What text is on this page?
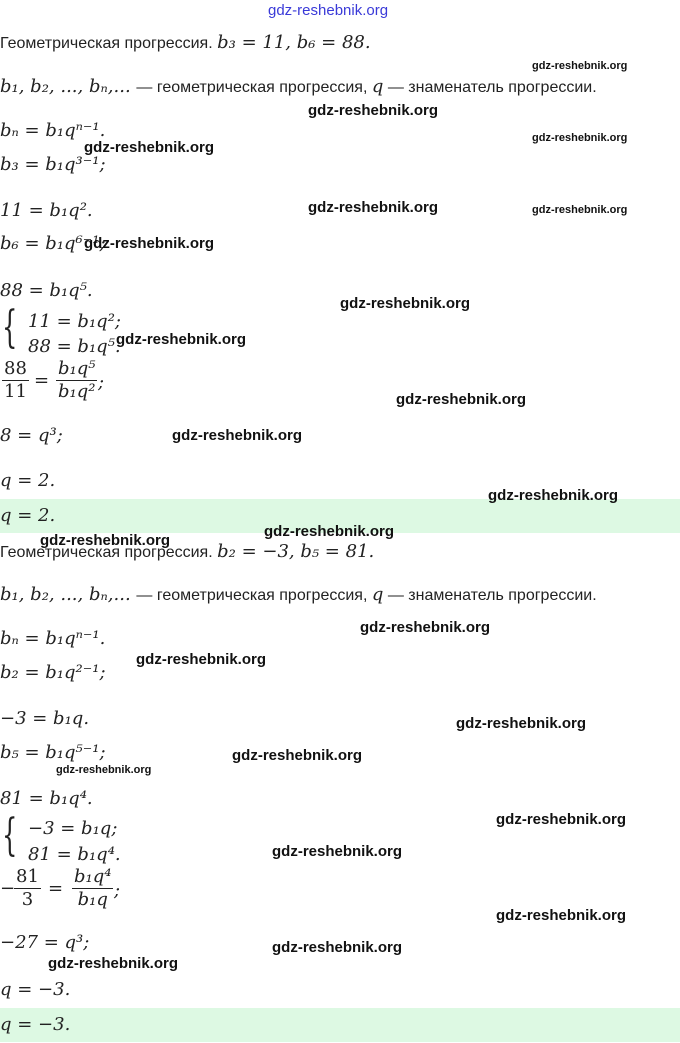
gdz-reshebnik.org
Геометрическая прогрессия. b₃ = 11, b₆ = 88.
b₁, b₂, ..., bₙ,... — геометрическая прогрессия, q — знаменатель прогрессии.
bₙ = b₁qⁿ⁻¹.
b₃ = b₁q³⁻¹;
11 = b₁q².
b₆ = b₁q⁶⁻¹;
88 = b₁q⁵.
{ 11 = b₁q²;
88 = b₁q⁵.
88
11
=
b₁q⁵
b₁q² ;
8 = q³;
q = 2.
q = 2.
Геометрическая прогрессия. b₂ = −3, b₅ = 81.
b₁, b₂, ..., bₙ,... — геометрическая прогрессия, q — знаменатель прогрессии.
bₙ = b₁qⁿ⁻¹.
b₂ = b₁q²⁻¹;
−3 = b₁q.
b₅ = b₁q⁵⁻¹;
81 = b₁q⁴.
{ −3 = b₁q;
81 = b₁q⁴.
−
81
3
=
b₁q⁴
b₁q ;
−27 = q³;
q = −3.
q = −3.
gdz-reshebnik.org
gdz-reshebnik.org
gdz-reshebnik.org
gdz-reshebnik.org
gdz-reshebnik.org	gdz-reshebnik.org
gdz-reshebnik.org
gdz-reshebnik.org
gdz-reshebnik.org
gdz-reshebnik.org
gdz-reshebnik.org
gdz-reshebnik.org
gdz-reshebnik.org
gdz-reshebnik.org
gdz-reshebnik.org
gdz-reshebnik.org
gdz-reshebnik.org
gdz-reshebnik.org
gdz-reshebnik.org
gdz-reshebnik.org
gdz-reshebnik.org
gdz-reshebnik.org
gdz-reshebnik.org
gdz-reshebnik.org
